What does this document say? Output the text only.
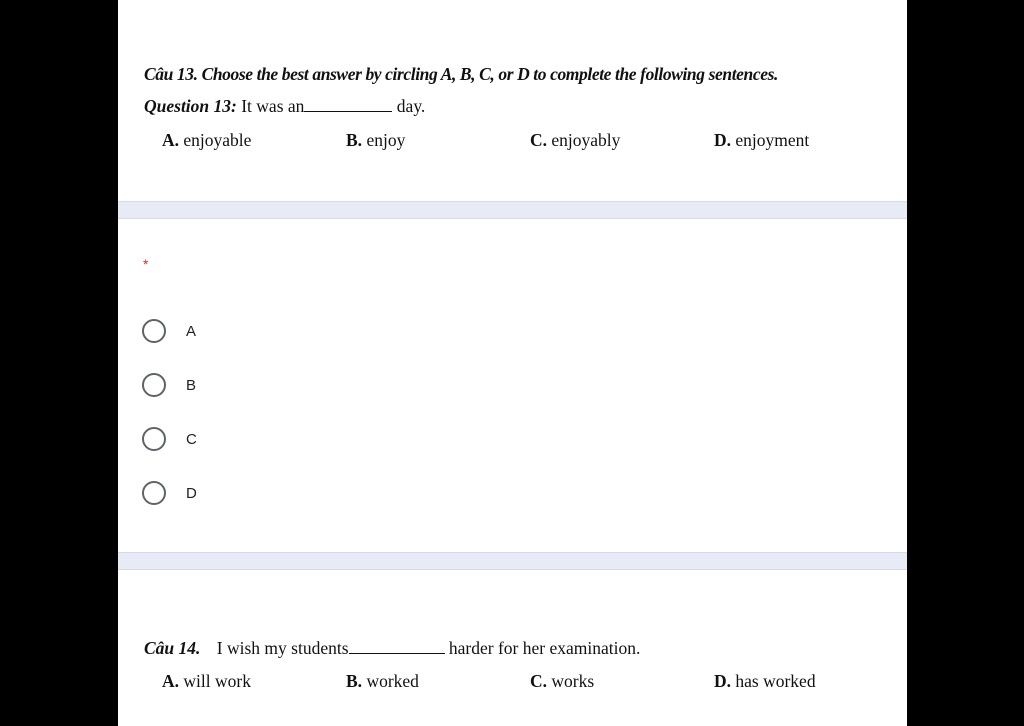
Câu 13. Choose the best answer by circling A, B, C, or D to complete the following sentences.
Question 13: It was an	day.
A. enjoyable	B. enjoy	C. enjoyably	D. enjoyment
*
A
B
C
D
Câu 14. I wish my students	harder for her examination.
A. will work	B. worked	C. works	D. has worked
